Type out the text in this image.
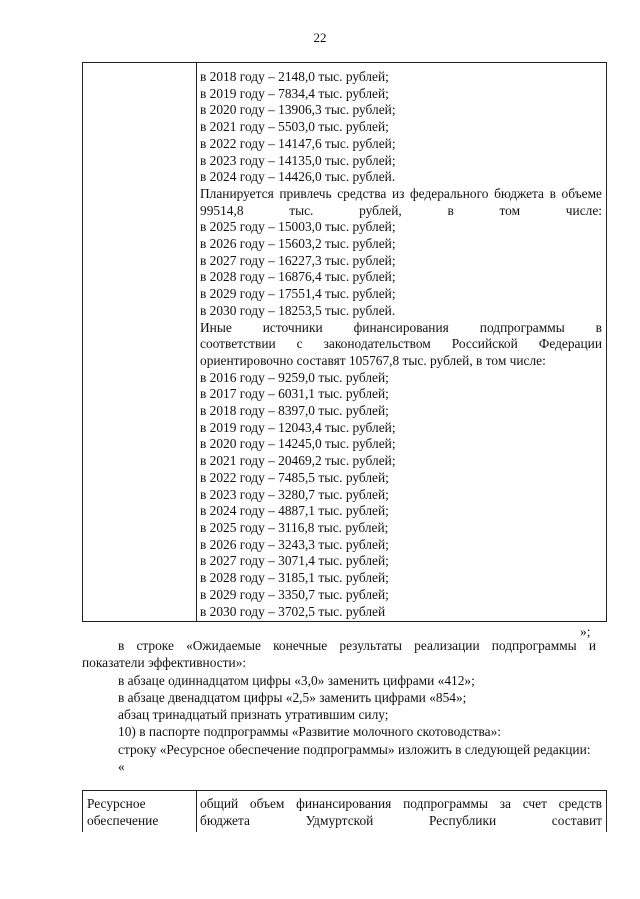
22
в 2018 году – 2148,0 тыс. рублей;
в 2019 году – 7834,4 тыс. рублей;
в 2020 году – 13906,3 тыс. рублей;
в 2021 году – 5503,0 тыс. рублей;
в 2022 году – 14147,6 тыс. рублей;
в 2023 году – 14135,0 тыс. рублей;
в 2024 году – 14426,0 тыс. рублей.
Планируется привлечь средства из федерального бюджета в объеме 99514,8 тыс. рублей, в том числе:
в 2025 году – 15003,0 тыс. рублей;
в 2026 году – 15603,2 тыс. рублей;
в 2027 году – 16227,3 тыс. рублей;
в 2028 году – 16876,4 тыс. рублей;
в 2029 году – 17551,4 тыс. рублей;
в 2030 году – 18253,5 тыс. рублей.
Иные источники финансирования подпрограммы в
соответствии с законодательством Российской Федерации
ориентировочно составят 105767,8 тыс. рублей, в том числе:
в 2016 году – 9259,0 тыс. рублей;
в 2017 году – 6031,1 тыс. рублей;
в 2018 году – 8397,0 тыс. рублей;
в 2019 году – 12043,4 тыс. рублей;
в 2020 году – 14245,0 тыс. рублей;
в 2021 году – 20469,2 тыс. рублей;
в 2022 году – 7485,5 тыс. рублей;
в 2023 году – 3280,7 тыс. рублей;
в 2024 году – 4887,1 тыс. рублей;
в 2025 году – 3116,8 тыс. рублей;
в 2026 году – 3243,3 тыс. рублей;
в 2027 году – 3071,4 тыс. рублей;
в 2028 году – 3185,1 тыс. рублей;
в 2029 году – 3350,7 тыс. рублей;
в 2030 году – 3702,5 тыс. рублей
»;

в строке «Ожидаемые конечные результаты реализации подпрограммы и показатели эффективности»:

в абзаце одиннадцатом цифры «3,0» заменить цифрами «412»;

в абзаце двенадцатом цифры «2,5» заменить цифрами «854»;

абзац тринадцатый признать утратившим силу;

10) в паспорте подпрограммы «Развитие молочного скотоводства»:

строку «Ресурсное обеспечение подпрограммы» изложить в следующей редакции:

«

Ресурсное
обеспечение
общий объем финансирования подпрограммы за счет средств бюджета Удмуртской Республики составит
